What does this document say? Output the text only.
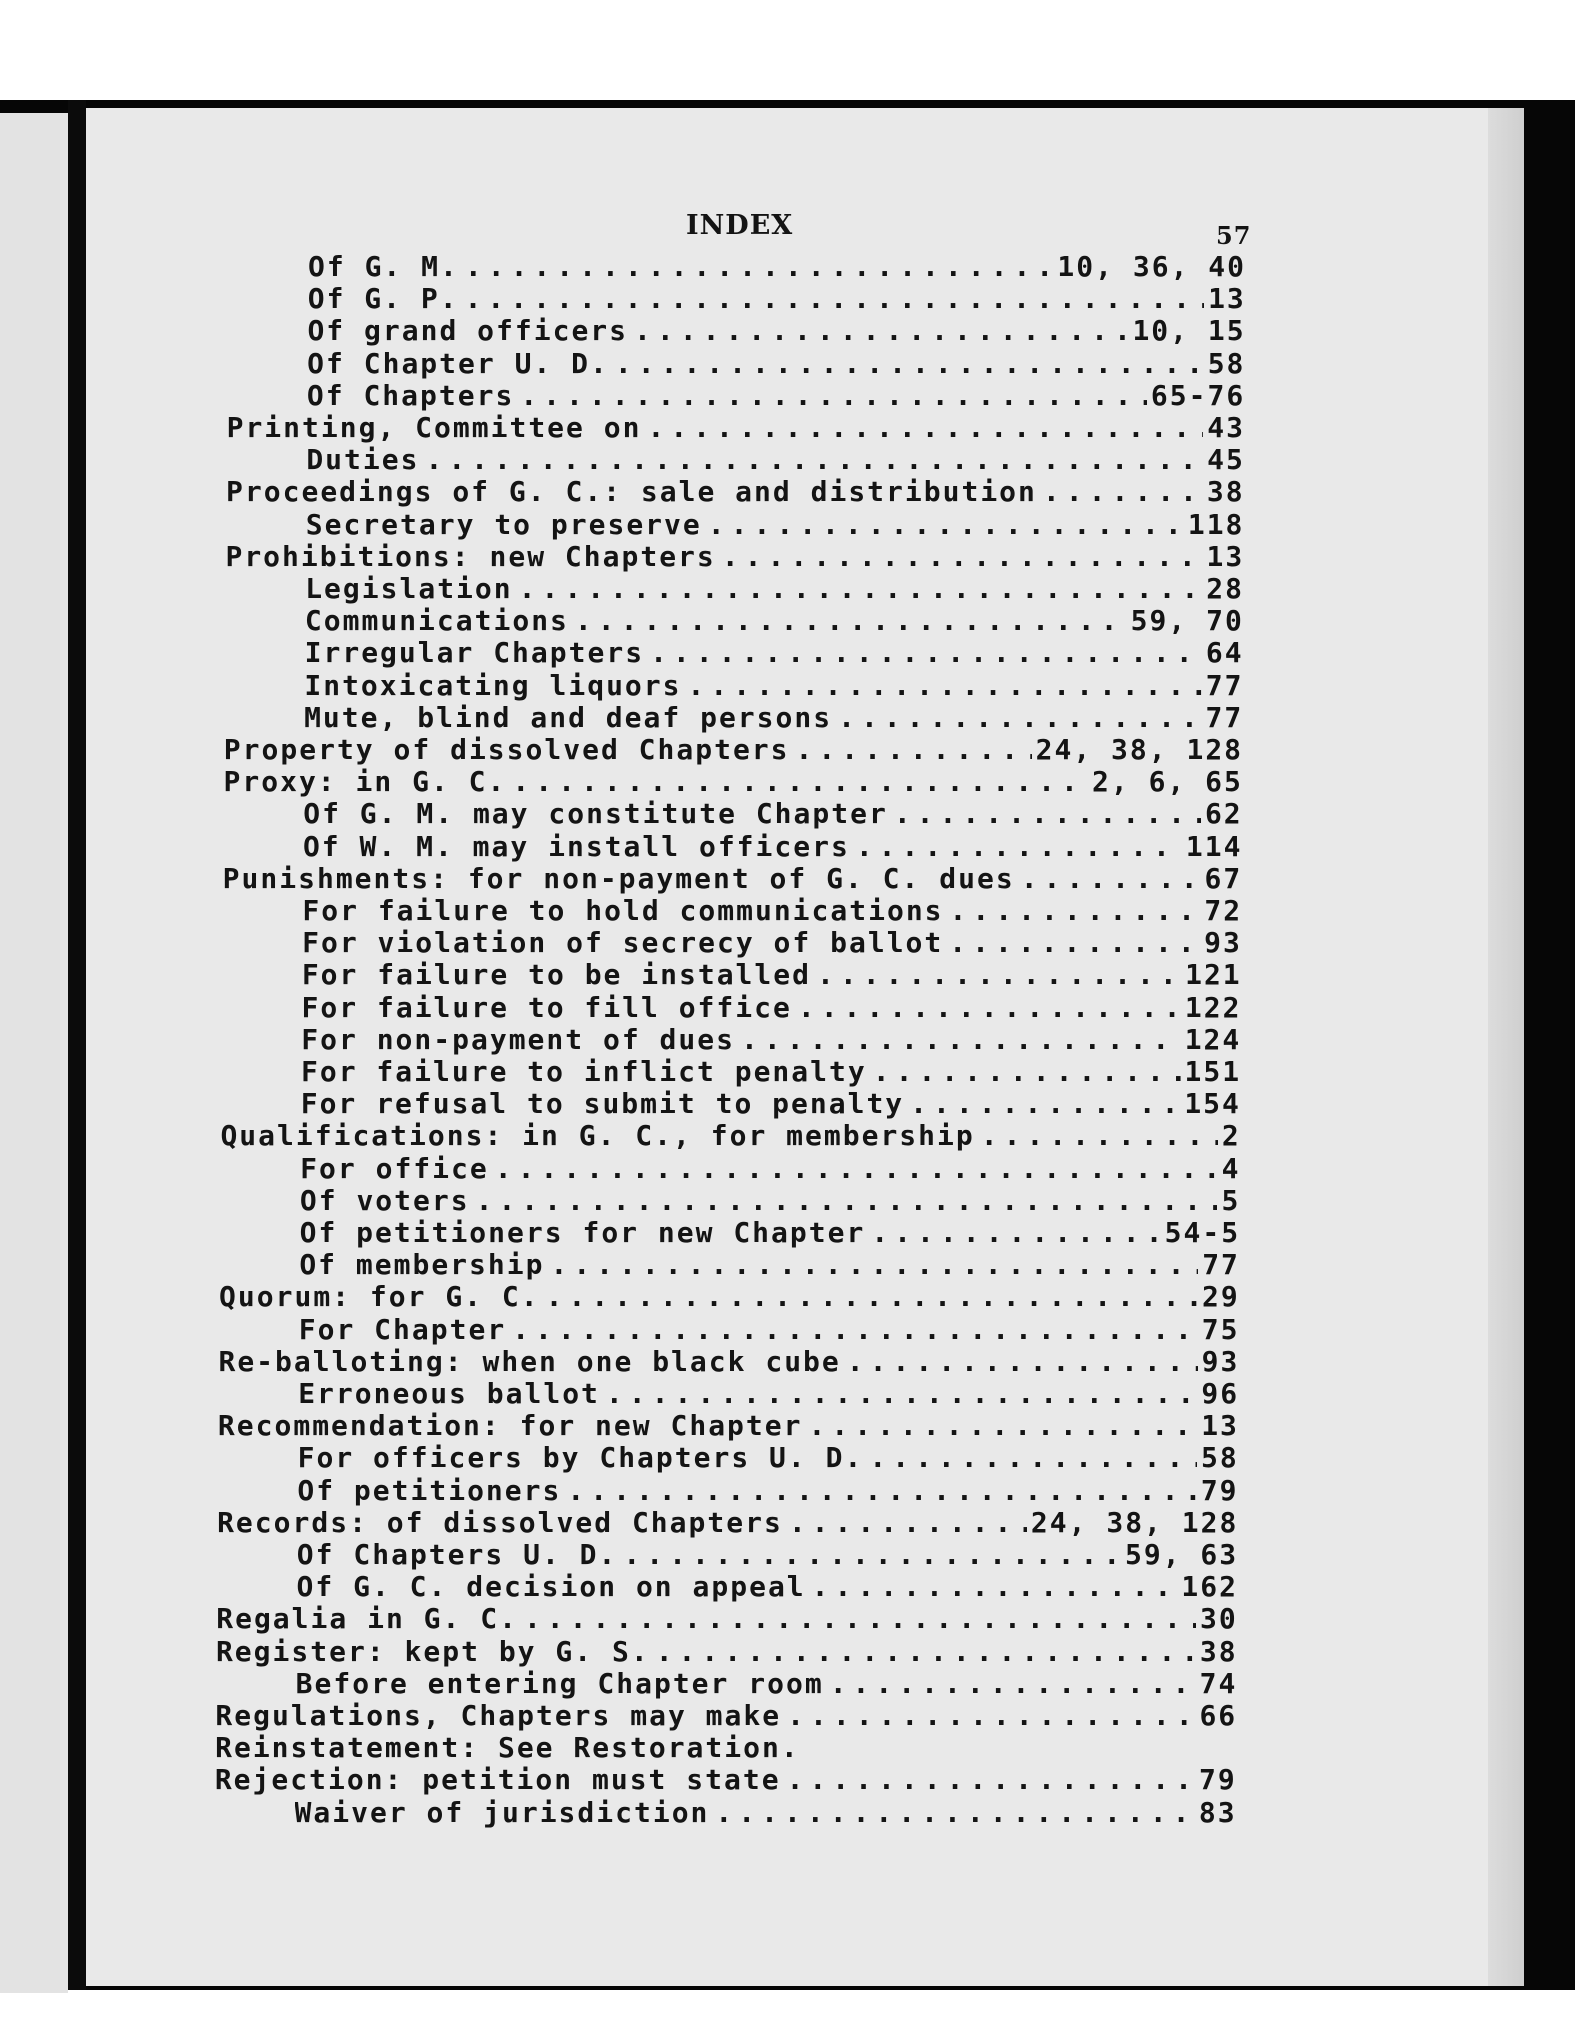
INDEX	57
Of G. M. .....	10, 36, 40
Of G. P. .....	13
Of grand officers .....	10, 15
Of Chapter U. D. .....	58
Of Chapters .....	65-76
Printing, Committee on .....	43
Duties .....	45
Proceedings of G. C.: sale and distribution .....	38
Secretary to preserve .....	118
Prohibitions: new Chapters .....	13
Legislation .....	28
Communications .....	59, 70
Irregular Chapters .....	64
Intoxicating liquors .....	77
Mute, blind and deaf persons .....	77
Property of dissolved Chapters .....	24, 38, 128
Proxy: in G. C. .....	2, 6, 65
Of G. M. may constitute Chapter .....	62
Of W. M. may install officers .....	114
Punishments: for non-payment of G. C. dues .....	67
For failure to hold communications .....	72
For violation of secrecy of ballot .....	93
For failure to be installed .....	121
For failure to fill office .....	122
For non-payment of dues .....	124
For failure to inflict penalty .....	151
For refusal to submit to penalty .....	154
Qualifications: in G. C., for membership .....	2
For office .....	4
Of voters .....	5
Of petitioners for new Chapter .....	54-5
Of membership .....	77
Quorum: for G. C. .....	29
For Chapter .....	75
Re-balloting: when one black cube .....	93
Erroneous ballot .....	96
Recommendation: for new Chapter .....	13
For officers by Chapters U. D. .....	58
Of petitioners .....	79
Records: of dissolved Chapters .....	24, 38, 128
Of Chapters U. D. .....	59, 63
Of G. C. decision on appeal .....	162
Regalia in G. C. .....	30
Register: kept by G. S. .....	38
Before entering Chapter room .....	74
Regulations, Chapters may make .....	66
Reinstatement: See Restoration.
Rejection: petition must state .....	79
Waiver of jurisdiction .....	83
